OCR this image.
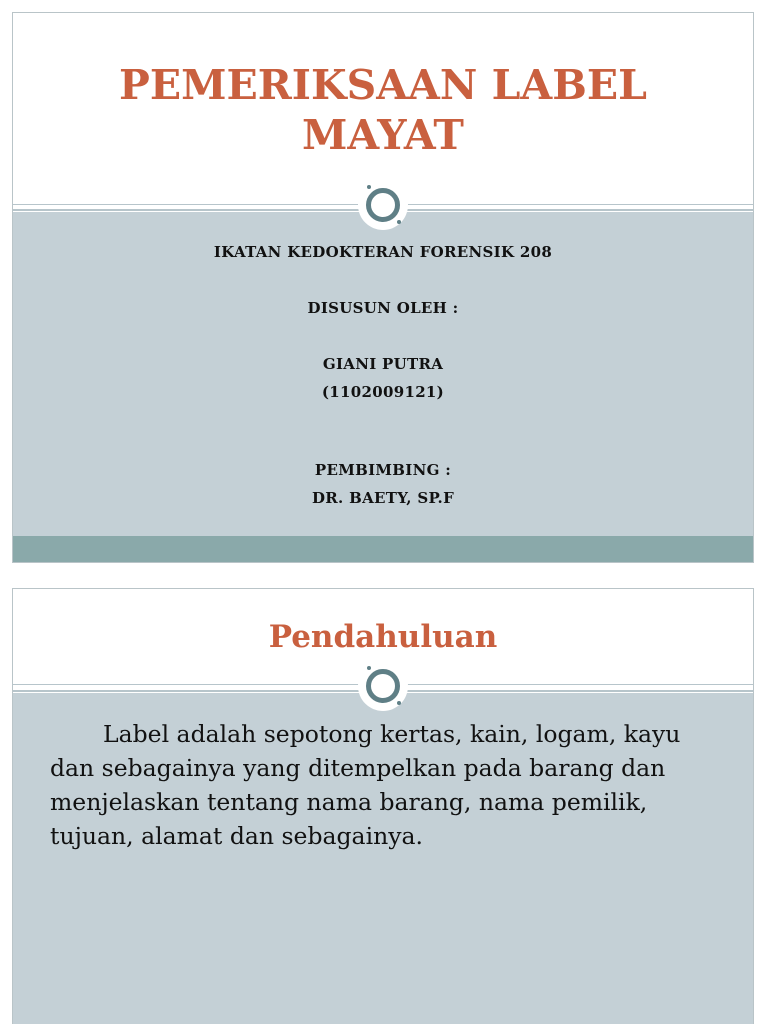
PEMERIKSAAN LABEL
MAYAT
IKATAN KEDOKTERAN FORENSIK 208
DISUSUN OLEH :
GIANI PUTRA
(1102009121)
PEMBIMBING :
DR. BAETY, SP.F
Pendahuluan

Label adalah sepotong kertas, kain, logam, kayu dan sebagainya yang ditempelkan pada barang dan menjelaskan tentang nama barang, nama pemilik, tujuan, alamat dan sebagainya.
